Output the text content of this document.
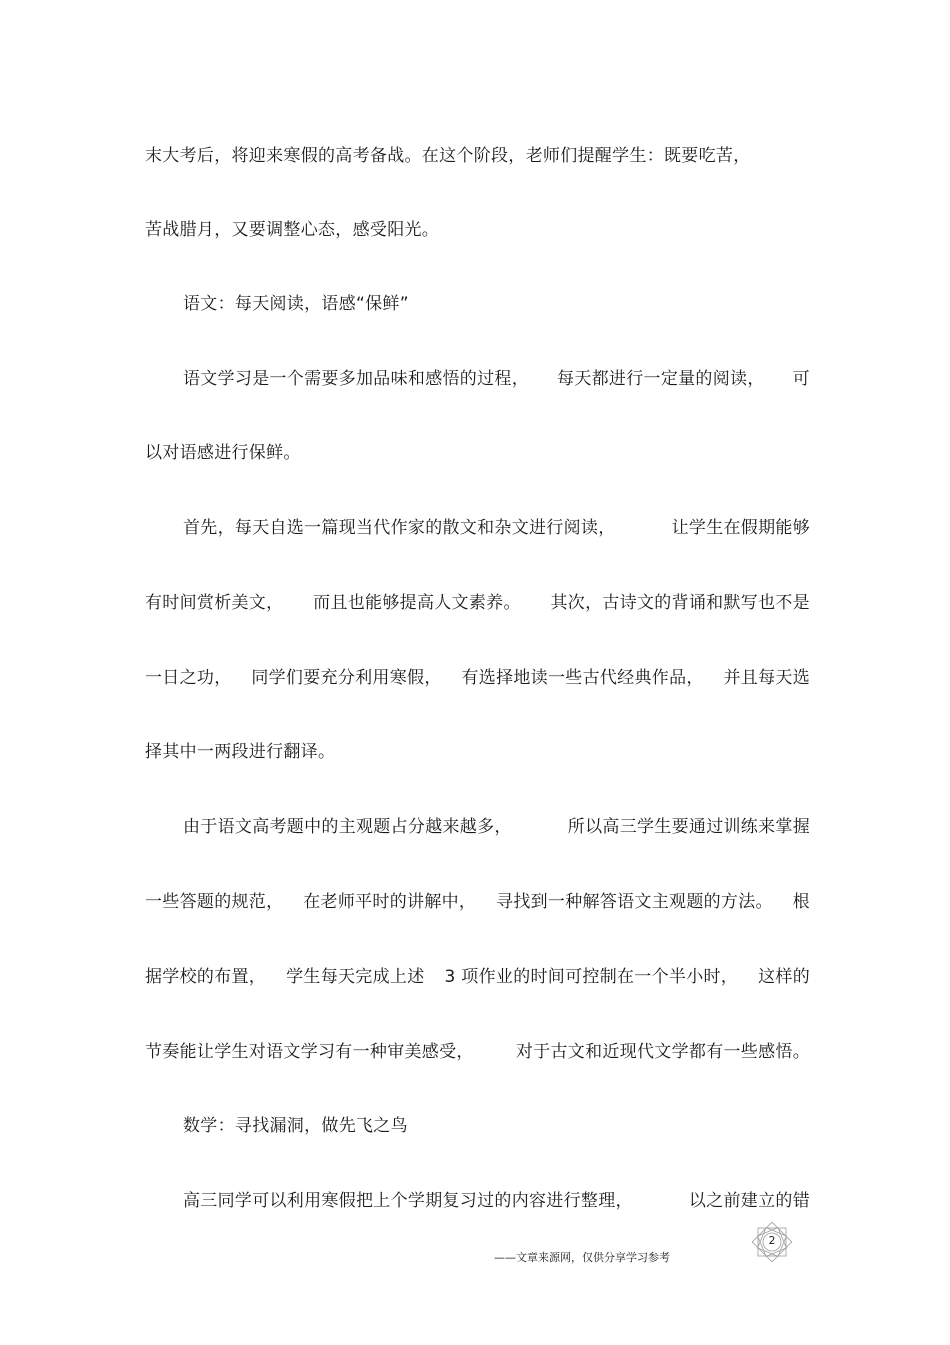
末大考后，将迎来寒假的高考备战。在这个阶段，老师们提醒学生：既要吃苦，
苦战腊月，又要调整心态，感受阳光。
语文：每天阅读，语感“保鲜”
语文学习是一个需要多加品味和感悟的过程， 每天都进行一定量的阅读， 可
以对语感进行保鲜。
首先，每天自选一篇现当代作家的散文和杂文进行阅读，	让学生在假期能够
有时间赏析美文， 而且也能够提高人文素养。 其次，古诗文的背诵和默写也不是
一日之功， 同学们要充分利用寒假， 有选择地读一些古代经典作品， 并且每天选
择其中一两段进行翻译。
由于语文高考题中的主观题占分越来越多，	所以高三学生要通过训练来掌握
一些答题的规范， 在老师平时的讲解中， 寻找到一种解答语文主观题的方法。 根
据学校的布置， 学生每天完成上述 3 项作业的时间可控制在一个半小时， 这样的
节奏能让学生对语文学习有一种审美感受， 对于古文和近现代文学都有一些感悟。
数学：寻找漏洞，做先飞之鸟
高三同学可以利用寒假把上个学期复习过的内容进行整理，	以之前建立的错
——文章来源网，仅供分享学习参考
2
